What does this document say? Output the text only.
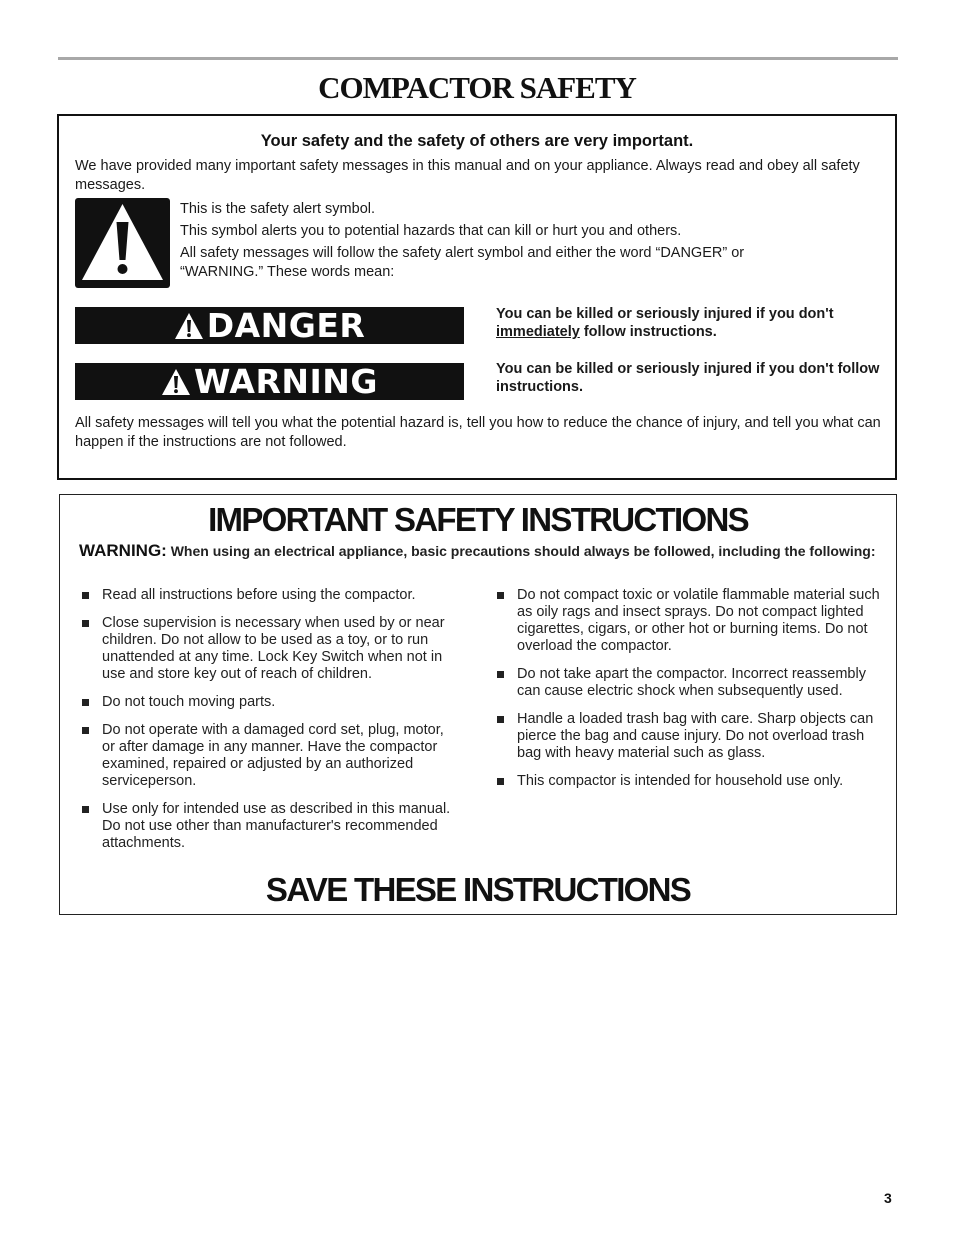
COMPACTOR SAFETY
Your safety and the safety of others are very important.
We have provided many important safety messages in this manual and on your appliance. Always read and obey all safety messages.

This is the safety alert symbol.

This symbol alerts you to potential hazards that can kill or hurt you and others.

All safety messages will follow the safety alert symbol and either the word “DANGER” or “WARNING.” These words mean:

DANGER	You can be killed or seriously injured if you don't immediately follow instructions.
WARNING	You can be killed or seriously injured if you don't follow instructions.
All safety messages will tell you what the potential hazard is, tell you how to reduce the chance of injury, and tell you what can happen if the instructions are not followed.
IMPORTANT SAFETY INSTRUCTIONS
WARNING: When using an electrical appliance, basic precautions should always be followed, including the following:
Read all instructions before using the compactor.
Close supervision is necessary when used by or near children. Do not allow to be used as a toy, or to run unattended at any time. Lock Key Switch when not in use and store key out of reach of children.
Do not touch moving parts.
Do not operate with a damaged cord set, plug, motor, or after damage in any manner. Have the compactor examined, repaired or adjusted by an authorized serviceperson.
Use only for intended use as described in this manual. Do not use other than manufacturer's recommended attachments.
Do not compact toxic or volatile flammable material such as oily rags and insect sprays. Do not compact lighted cigarettes, cigars, or other hot or burning items. Do not overload the compactor.
Do not take apart the compactor. Incorrect reassembly can cause electric shock when subsequently used.
Handle a loaded trash bag with care. Sharp objects can pierce the bag and cause injury. Do not overload trash bag with heavy material such as glass.
This compactor is intended for household use only.
SAVE THESE INSTRUCTIONS
3
